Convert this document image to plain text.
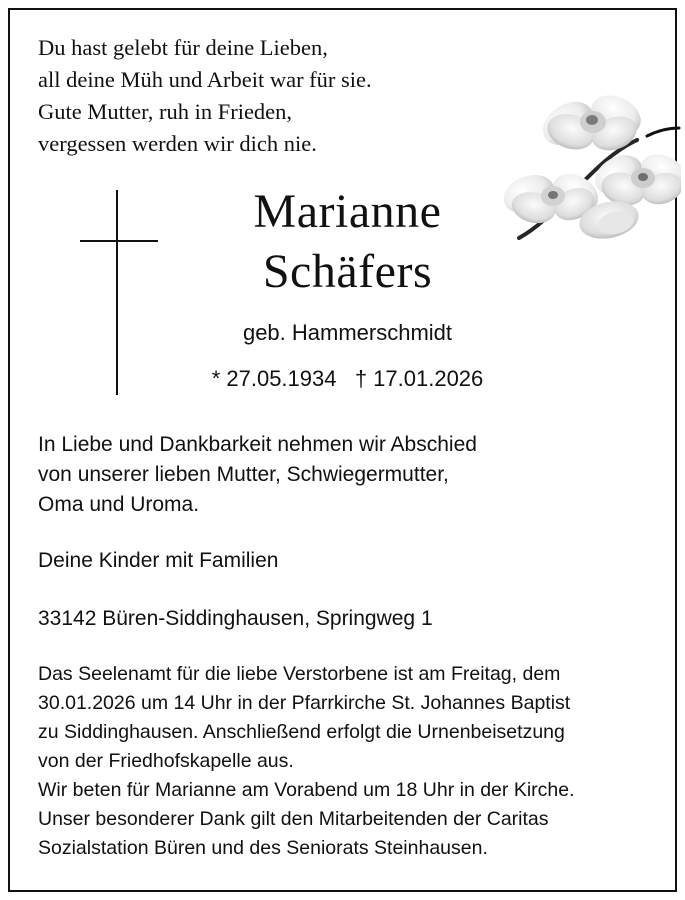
Du hast gelebt für deine Lieben,
all deine Müh und Arbeit war für sie.
Gute Mutter, ruh in Frieden,
vergessen werden wir dich nie.
Marianne
Schäfers
geb. Hammerschmidt
* 27.05.1934   † 17.01.2026
In Liebe und Dankbarkeit nehmen wir Abschied
von unserer lieben Mutter, Schwiegermutter,
Oma und Uroma.
Deine Kinder mit Familien
33142 Büren-Siddinghausen, Springweg 1
Das Seelenamt für die liebe Verstorbene ist am Freitag, dem
30.01.2026 um 14 Uhr in der Pfarrkirche St. Johannes Baptist
zu Siddinghausen. Anschließend erfolgt die Urnenbeisetzung
von der Friedhofskapelle aus.
Wir beten für Marianne am Vorabend um 18 Uhr in der Kirche.
Unser besonderer Dank gilt den Mitarbeitenden der Caritas
Sozialstation Büren und des Seniorats Steinhausen.
